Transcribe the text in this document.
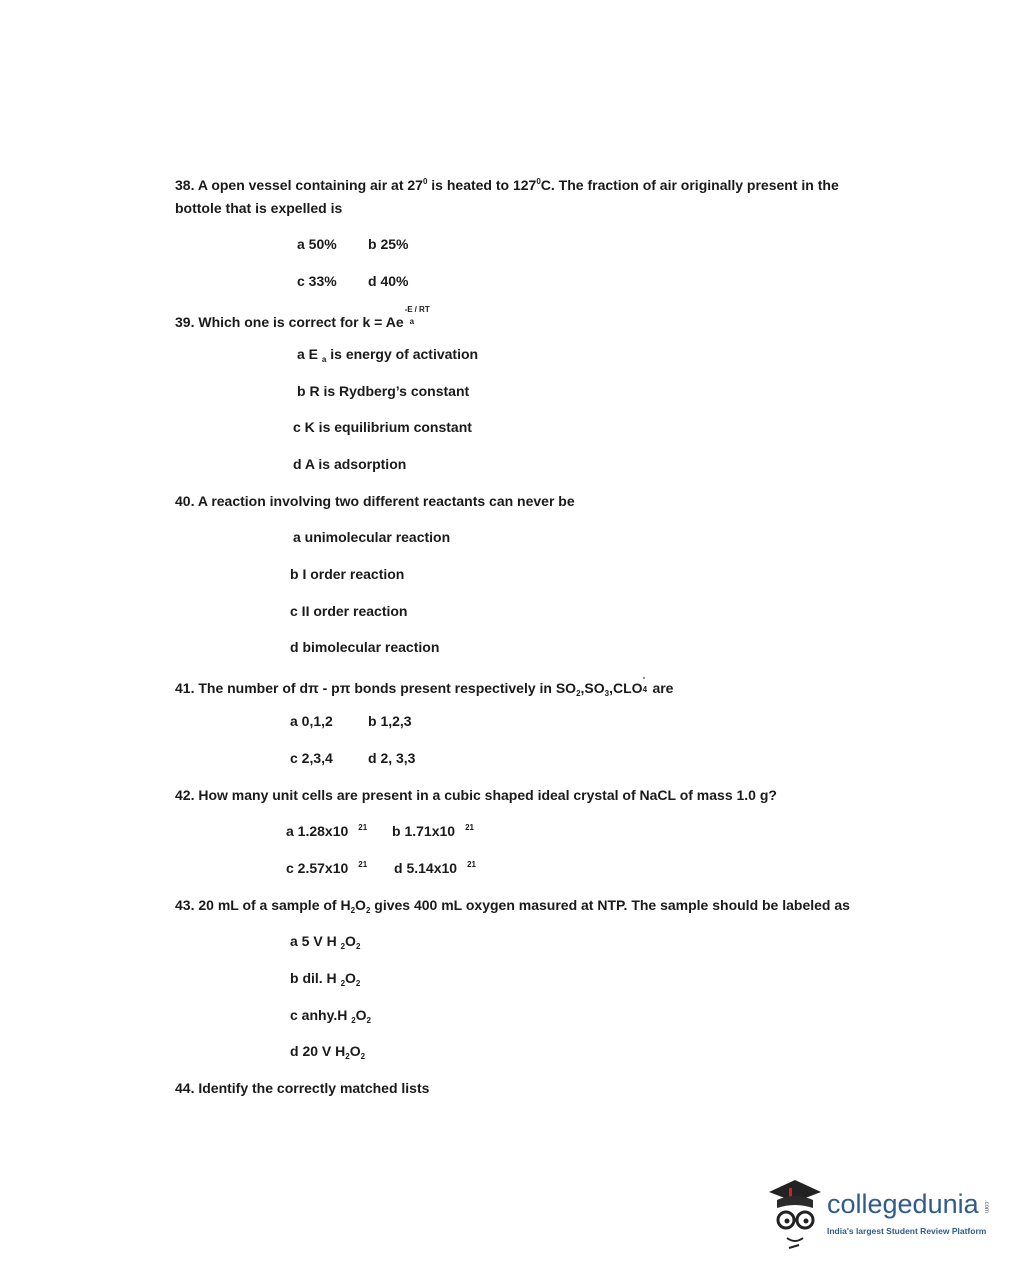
38. A open vessel containing air at $27^0$ is heated to $127^0C$. The fraction of air originally present in the
bottole that is expelled is
a 50% b 25%
c 33% d 40%
39. Which one is correct for k = Ae
-E
a
/ RT
a E $_a$ is energy of activation
b R is Rydberg’s constant
c K is equilibrium constant
d A is adsorption
40. A reaction involving two different reactants can never be
a unimolecular reaction
b I order reaction
c II order reaction
d bimolecular reaction
41. The number of dπ - pπ bonds present respectively in $SO_2,SO_3,CLO$
-
4 are
a 0,1,2	b 1,2,3
c 2,3,4	d 2, 3,3
42. How many unit cells are present in a cubic shaped ideal crystal of NaCL of mass 1.0 g?
a 1.28x10 $^{21}$ b 1.71x10 $^{21}$
c 2.57x10 $^{21}$ d 5.14x10 $^{21}$
43. 20 mL of a sample of $H_2O_2$ gives 400 mL oxygen masured at NTP. The sample should be labeled as
a 5 V H $_2O_2$
b dil. H $_2O_2$
c anhy.H $_2O_2$
d 20 V $H_2O_2$
44. Identify the correctly matched lists
collegedunia .com
India's largest Student Review Platform
